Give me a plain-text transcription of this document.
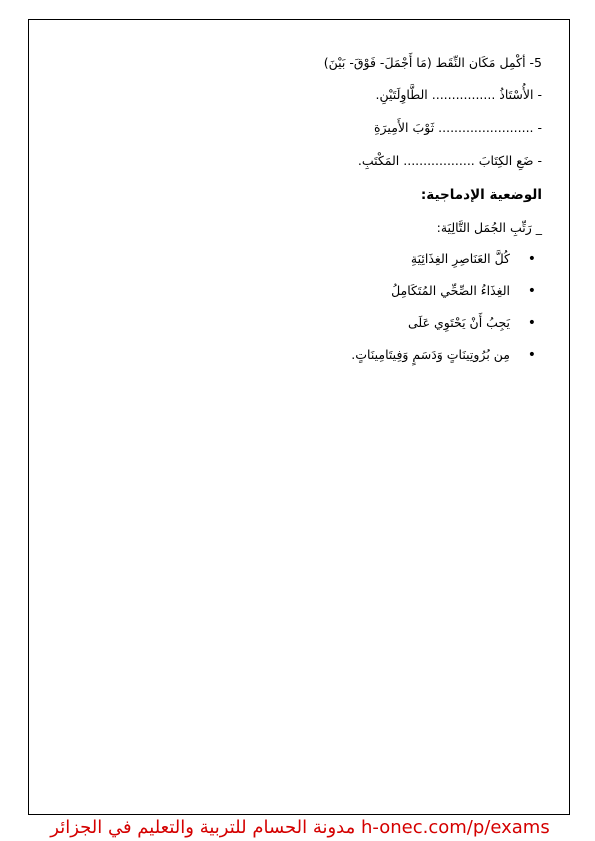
5- أكْمِل مَكَان النِّقَط (مَا أَجْمَلَ- فَوْقَ- بَيْنَ)
- الأُسْتَاذُ ................ الطَّاوِلَتَيْنِ.
- ........................ ثَوْبَ الأَمِيرَةِ
- ضَعِ الكِتَابَ .................. المَكْتَبِ.
الوضعية الإدماجية:
_ رَتِّبِ الجُمَل التَّالِيَة:
•
كُلَّ العَنَاصِرِ الغِذَائِيَةِ
•
الغِذَاءُ الصِّحِّي المُتَكَامِلُ
•
يَجِبُ أَنْ يَحْتَوِي عَلَى
•
مِن بُرُوتِينَاتٍ وَدَسَمٍ وَفِيتَامِينَاتٍ.
مدونة الحسام للتربية والتعليم في الجزائر h-onec.com/p/exams
